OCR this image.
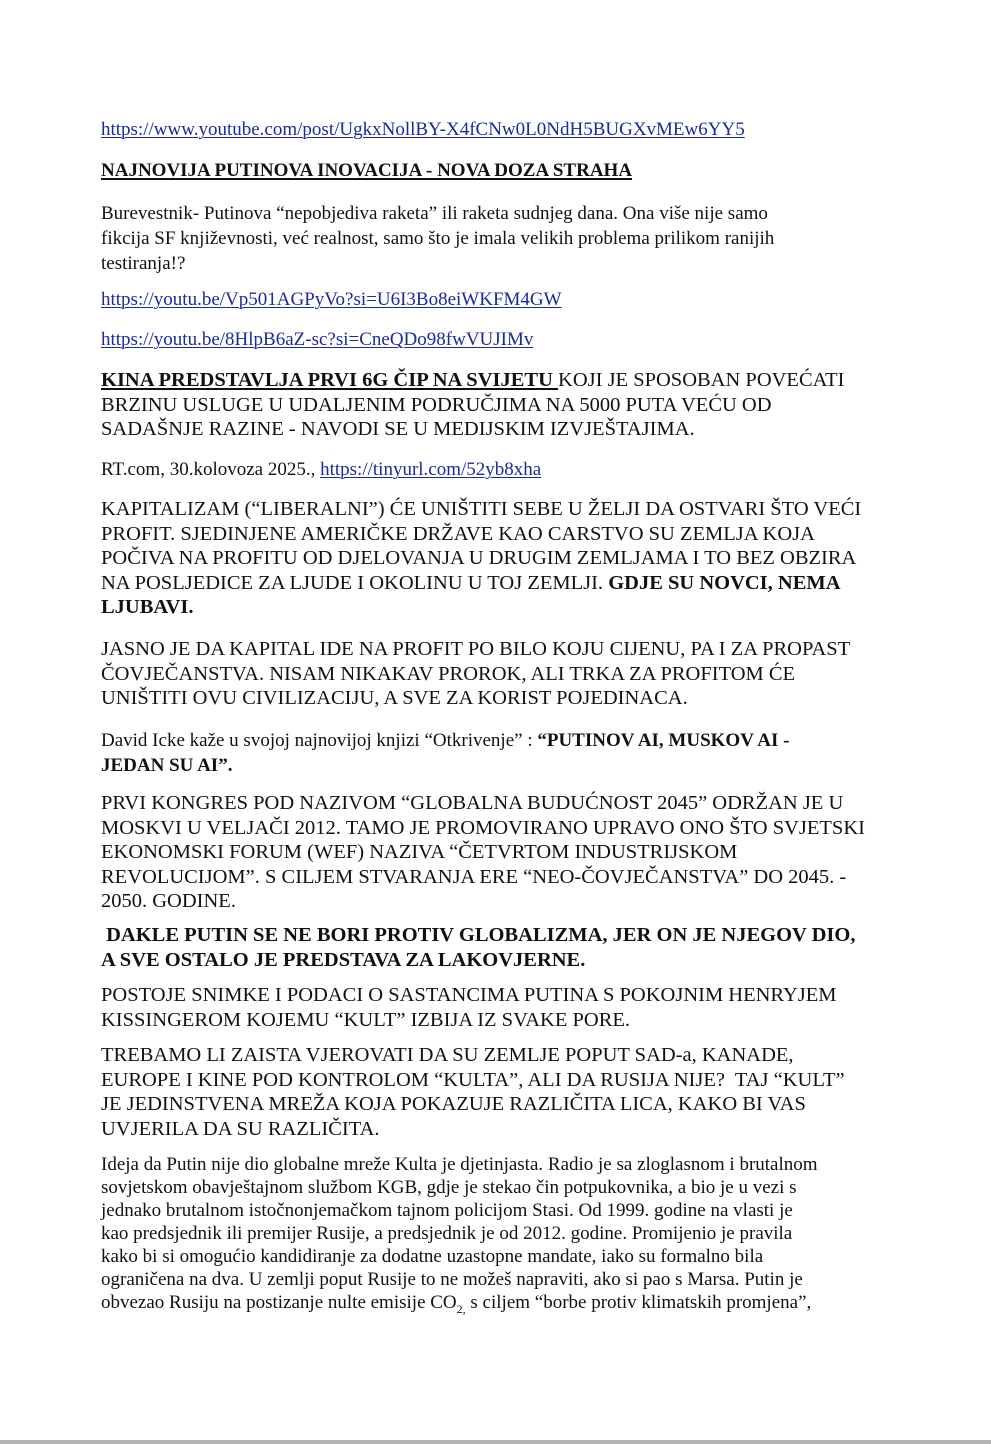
https://www.youtube.com/post/UgkxNollBY-X4fCNw0L0NdH5BUGXvMEw6YY5

NAJNOVIJA PUTINOVA INOVACIJA - NOVA DOZA STRAHA

Burevestnik- Putinova “nepobjediva raketa” ili raketa sudnjeg dana. Ona više nije samo

fikcija SF književnosti, već realnost, samo što je imala velikih problema prilikom ranijih

testiranja!?

https://youtu.be/Vp501AGPyVo?si=U6I3Bo8eiWKFM4GW

https://youtu.be/8HlpB6aZ-sc?si=CneQDo98fwVUJIMv

KINA PREDSTAVLJA PRVI 6G ČIP NA SVIJETU KOJI JE SPOSOBAN POVEĆATI

BRZINU USLUGE U UDALJENIM PODRUČJIMA NA 5000 PUTA VEĆU OD

SADAŠNJE RAZINE - NAVODI SE U MEDIJSKIM IZVJEŠTAJIMA.

RT.com, 30.kolovoza 2025., https://tinyurl.com/52yb8xha

KAPITALIZAM (“LIBERALNI”) ĆE UNIŠTITI SEBE U ŽELJI DA OSTVARI ŠTO VEĆI

PROFIT. SJEDINJENE AMERIČKE DRŽAVE KAO CARSTVO SU ZEMLJA KOJA

POČIVA NA PROFITU OD DJELOVANJA U DRUGIM ZEMLJAMA I TO BEZ OBZIRA

NA POSLJEDICE ZA LJUDE I OKOLINU U TOJ ZEMLJI. GDJE SU NOVCI, NEMA

LJUBAVI.

JASNO JE DA KAPITAL IDE NA PROFIT PO BILO KOJU CIJENU, PA I ZA PROPAST

ČOVJEČANSTVA. NISAM NIKAKAV PROROK, ALI TRKA ZA PROFITOM ĆE

UNIŠTITI OVU CIVILIZACIJU, A SVE ZA KORIST POJEDINACA.

David Icke kaže u svojoj najnovijoj knjizi “Otkrivenje” : “PUTINOV AI, MUSKOV AI -

JEDAN SU AI”.

PRVI KONGRES POD NAZIVOM “GLOBALNA BUDUĆNOST 2045” ODRŽAN JE U

MOSKVI U VELJAČI 2012. TAMO JE PROMOVIRANO UPRAVO ONO ŠTO SVJETSKI

EKONOMSKI FORUM (WEF) NAZIVA “ČETVRTOM INDUSTRIJSKOM

REVOLUCIJOM”. S CILJEM STVARANJA ERE “NEO-ČOVJEČANSTVA” DO 2045. -

2050. GODINE.

DAKLE PUTIN SE NE BORI PROTIV GLOBALIZMA, JER ON JE NJEGOV DIO,

A SVE OSTALO JE PREDSTAVA ZA LAKOVJERNE.

POSTOJE SNIMKE I PODACI O SASTANCIMA PUTINA S POKOJNIM HENRYJEM

KISSINGEROM KOJEMU “KULT” IZBIJA IZ SVAKE PORE.

TREBAMO LI ZAISTA VJEROVATI DA SU ZEMLJE POPUT SAD-a, KANADE,

EUROPE I KINE POD KONTROLOM “KULTA”, ALI DA RUSIJA NIJE?  TAJ “KULT”

JE JEDINSTVENA MREŽA KOJA POKAZUJE RAZLIČITA LICA, KAKO BI VAS

UVJERILA DA SU RAZLIČITA.

Ideja da Putin nije dio globalne mreže Kulta je djetinjasta. Radio je sa zloglasnom i brutalnom

sovjetskom obavještajnom službom KGB, gdje je stekao čin potpukovnika, a bio je u vezi s

jednako brutalnom istočnonjemačkom tajnom policijom Stasi. Od 1999. godine na vlasti je

kao predsjednik ili premijer Rusije, a predsjednik je od 2012. godine. Promijenio je pravila

kako bi si omogućio kandidiranje za dodatne uzastopne mandate, iako su formalno bila

ograničena na dva. U zemlji poput Rusije to ne možeš napraviti, ako si pao s Marsa. Putin je

obvezao Rusiju na postizanje nulte emisije $CO_{2,}$ s ciljem “borbe protiv klimatskih promjena”,
